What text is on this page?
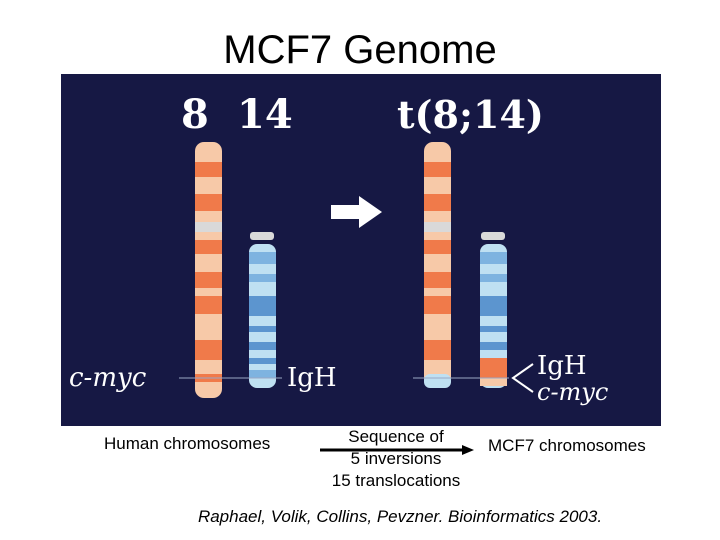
MCF7 Genome
8 14	t(8;14)
c-myc	IgH	IgH
c-myc
Human chromosomes	Sequence of
5 inversions
15 translocations
MCF7 chromosomes
Raphael, Volik, Collins, Pevzner. Bioinformatics 2003.
